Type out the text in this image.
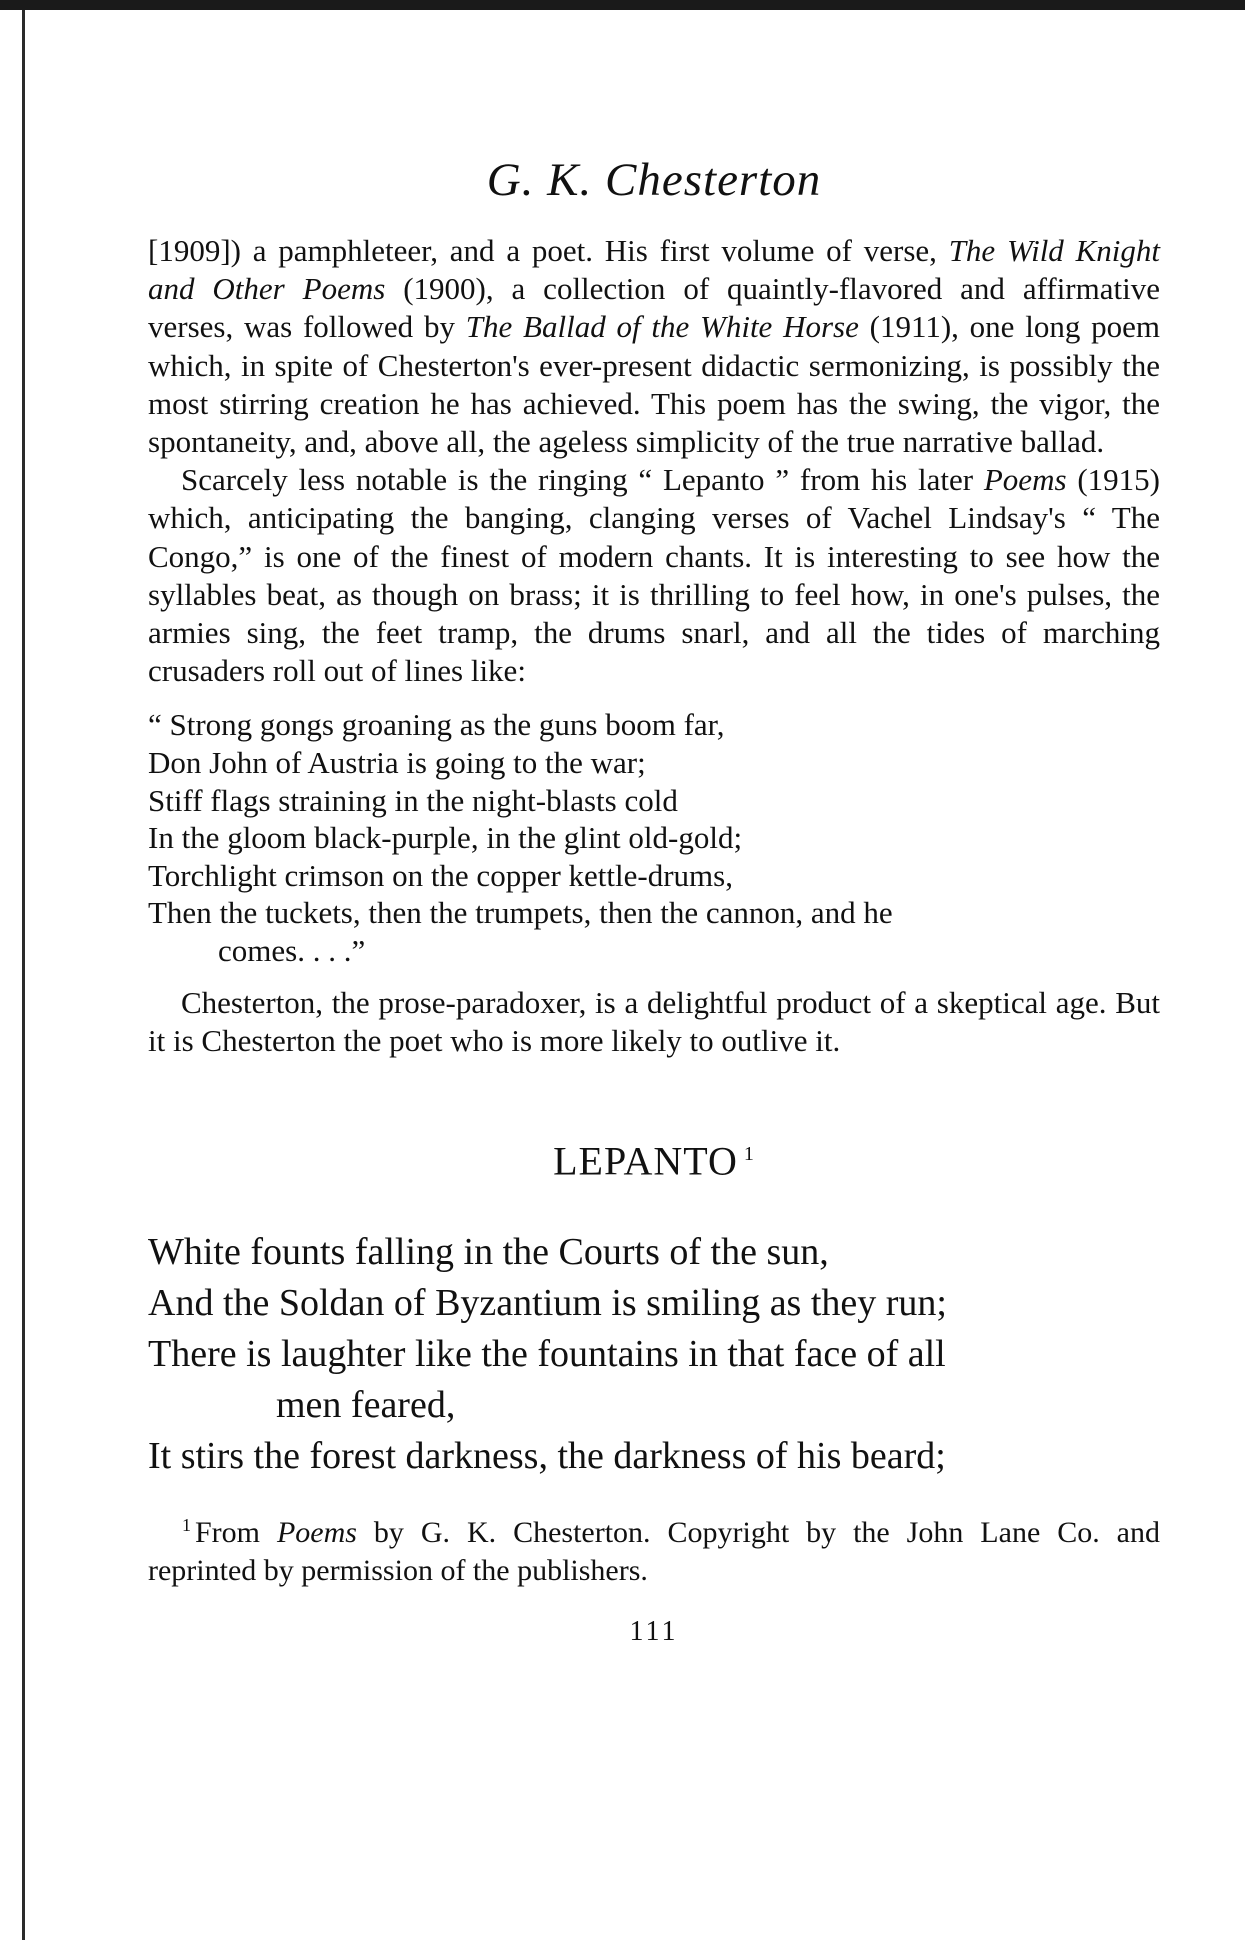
G. K. Chesterton

[1909]) a pamphleteer, and a poet. His first volume of verse, The Wild Knight and Other Poems (1900), a collection of quaintly-flavored and affirmative verses, was followed by The Ballad of the White Horse (1911), one long poem which, in spite of Chesterton's ever-present didactic sermonizing, is possibly the most stirring creation he has achieved. This poem has the swing, the vigor, the spontaneity, and, above all, the ageless simplicity of the true narrative ballad.

Scarcely less notable is the ringing “ Lepanto ” from his later Poems (1915) which, anticipating the banging, clanging verses of Vachel Lindsay's “ The Congo,” is one of the finest of modern chants. It is interesting to see how the syllables beat, as though on brass; it is thrilling to feel how, in one's pulses, the armies sing, the feet tramp, the drums snarl, and all the tides of marching crusaders roll out of lines like:

“ Strong gongs groaning as the guns boom far,
Don John of Austria is going to the war;
Stiff flags straining in the night-blasts cold
In the gloom black-purple, in the glint old-gold;
Torchlight crimson on the copper kettle-drums,
Then the tuckets, then the trumpets, then the cannon, and he
comes. . . .”

Chesterton, the prose-paradoxer, is a delightful product of a skeptical age. But it is Chesterton the poet who is more likely to outlive it.

LEPANTO $^1$
White founts falling in the Courts of the sun,
And the Soldan of Byzantium is smiling as they run;
There is laughter like the fountains in that face of all
men feared,
It stirs the forest darkness, the darkness of his beard;

$^1$ From Poems by G. K. Chesterton. Copyright by the John Lane Co. and reprinted by permission of the publishers.

111
